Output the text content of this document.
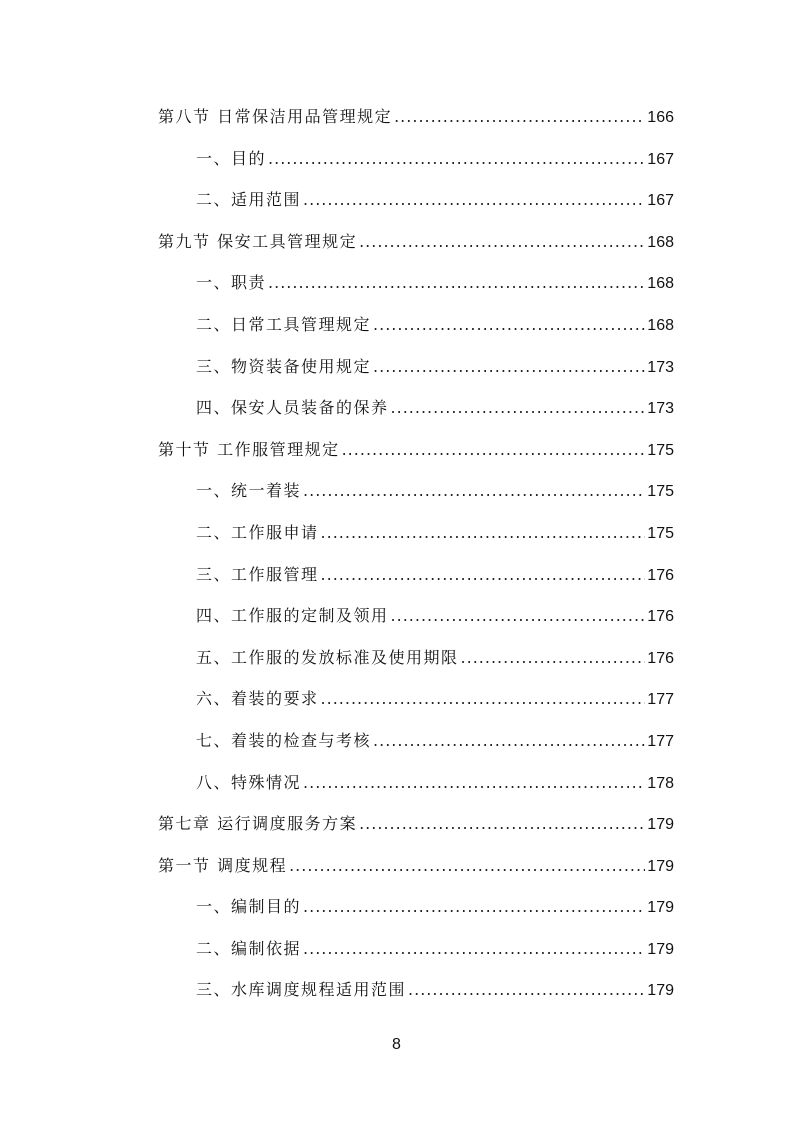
第八节 日常保洁用品管理规定 .....	166
一、目的 .....	167
二、适用范围 .....	167
第九节 保安工具管理规定 .....	168
一、职责 .....	168
二、日常工具管理规定 .....	168
三、物资装备使用规定 .....	173
四、保安人员装备的保养 .....	173
第十节 工作服管理规定 .....	175
一、统一着装 .....	175
二、工作服申请 .....	175
三、工作服管理 .....	176
四、工作服的定制及领用 .....	176
五、工作服的发放标准及使用期限 .....	176
六、着装的要求 .....	177
七、着装的检查与考核 .....	177
八、特殊情况 .....	178
第七章 运行调度服务方案 .....	179
第一节 调度规程 .....	179
一、编制目的 .....	179
二、编制依据 .....	179
三、水库调度规程适用范围 .....	179
8
